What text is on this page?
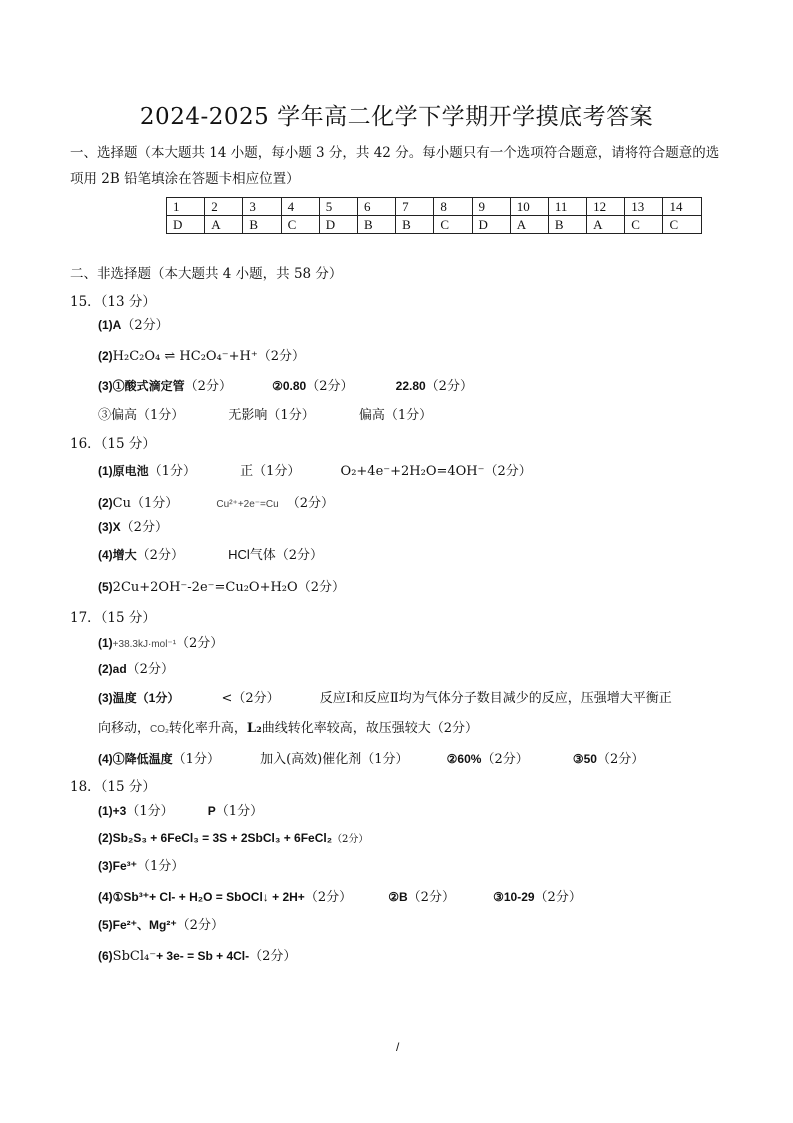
2024-2025 学年高二化学下学期开学摸底考答案
一、选择题（本大题共 14 小题，每小题 3 分，共 42 分。每小题只有一个选项符合题意，请将符合题意的选项用 2B 铅笔填涂在答题卡相应位置）
1	2	3	4	5	6	7	8	9	10	11	12	13	14
D	A	B	C	D	B	B	C	D	A	B	A	C	C
二、非选择题（本大题共 4 小题，共 58 分）
15．（13 分）
(1)A（2分）
(2)H₂C₂O₄ ⇌ HC₂O₄⁻+H⁺（2分）
(3)①酸式滴定管（2分）	②0.80（2分）	22.80（2分）
③偏高（1分）	无影响（1分）	偏高（1分）
16．（15 分）
(1)原电池（1分）	正（1分）	O₂+4e⁻+2H₂O=4OH⁻（2分）
(2)Cu（1分）	Cu²⁺+2e⁻=Cu （2分）
(3)X（2分）
(4)增大（2分）	HCl气体（2分）
(5)2Cu+2OH⁻-2e⁻=Cu₂O+H₂O（2分）
17．（15 分）
(1)+38.3kJ·mol⁻¹（2分）
(2)ad（2分）
(3)温度（1分）	<（2分）	反应Ⅰ和反应Ⅱ均为气体分子数目减少的反应，压强增大平衡正
向移动，CO₂转化率升高，L₂曲线转化率较高，故压强较大（2分）
(4)①降低温度（1分）	加入(高效)催化剂（1分）	②60%（2分）	③50（2分）
18．（15 分）
(1)+3（1分）	P（1分）
(2)Sb₂S₃ + 6FeCl₃ = 3S + 2SbCl₃ + 6FeCl₂（2分）
(3)Fe³⁺（1分）
(4)①Sb³⁺+ Cl- + H₂O = SbOCl↓ + 2H+（2分）	②B（2分）	③10-29（2分）
(5)Fe²⁺、Mg²⁺（2分）
(6)SbCl₄⁻+ 3e- = Sb + 4Cl-（2分）
/
